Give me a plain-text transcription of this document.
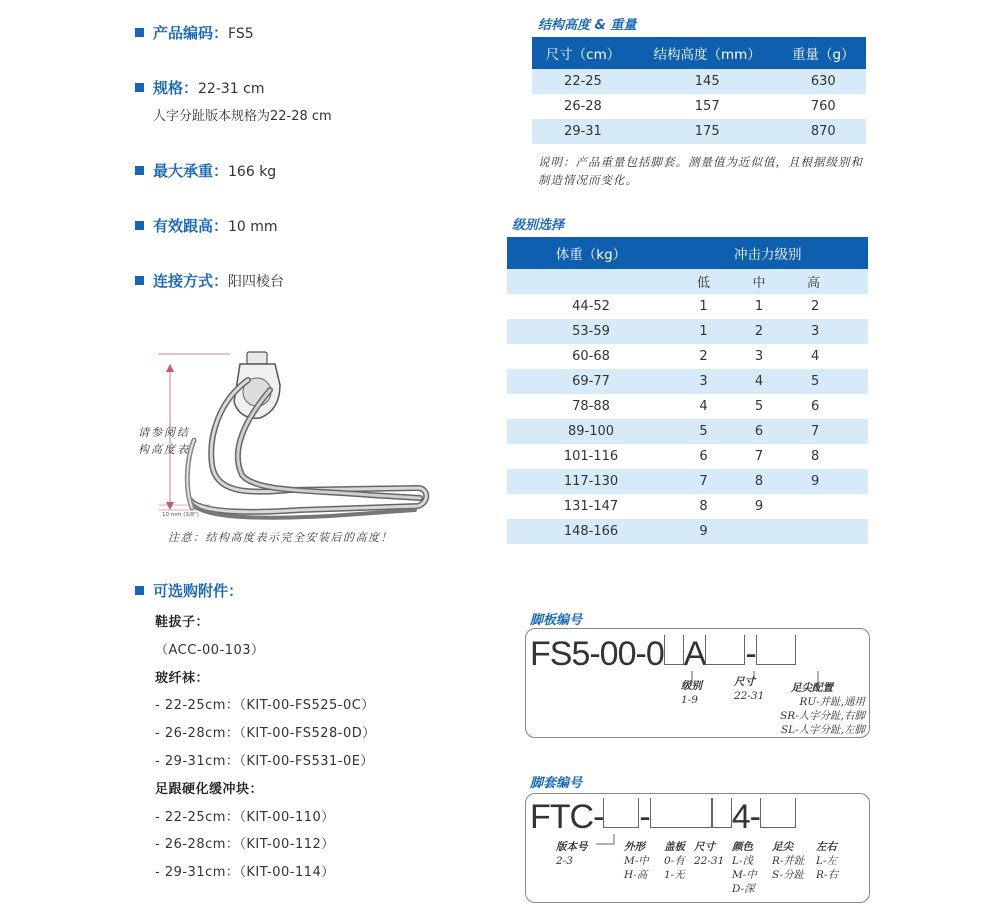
产品编码：FS5
规格：22-31 cm
人字分趾版本规格为22-28 cm
最大承重：166 kg
有效跟高：10 mm
连接方式：阳四棱台
结构高度 & 重量
尺寸（cm）	结构高度（mm）	重量（g）
22-25	145	630
26-28	157	760
29-31	175	870
说明：产品重量包括脚套。测量值为近似值，且根据级别和制造情况而变化。
级别选择
体重（kg）	冲击力级别		
	低	中	高
44-52	1	1	2
53-59	1	2	3
60-68	2	3	4
69-77	3	4	5
78-88	4	5	6
89-100	5	6	7
101-116	6	7	8
117-130	7	8	9
131-147	8	9	
148-166	9		
请参阅结
构高度表
10 mm (3/8")
注意：结构高度表示完全安装后的高度！
可选购附件：
鞋拔子：
（ACC-00-103）
玻纤袜：
- 22-25cm：（KIT-00-FS525-0C）
- 26-28cm：（KIT-00-FS528-0D）
- 29-31cm：（KIT-00-FS531-0E）
足跟硬化缓冲块：
- 22-25cm：（KIT-00-110）
- 26-28cm：（KIT-00-112）
- 29-31cm：（KIT-00-114）
脚板编号
FS5-00-0 A -
级别
1-9
尺寸
22-31
足尖配置
RU-并趾,通用
SR-人字分趾,右脚
SL-人字分趾,左脚
脚套编号
FTC- - 4-
版本号
2-3
外形
M-中
H-高
盖板
0-有
1-无
尺寸
22-31
颜色
L-浅
M-中
D-深
足尖
R-并趾
S-分趾
左右
L-左
R-右
